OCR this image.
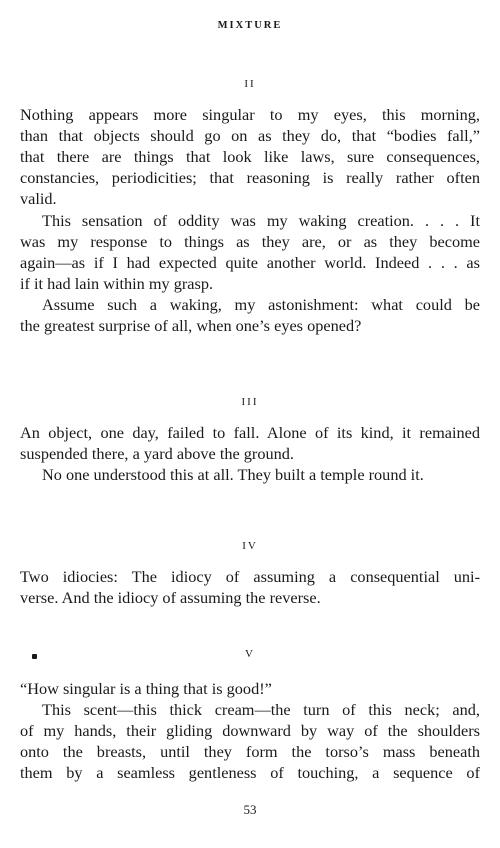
MIXTURE
II

Nothing appears more singular to my eyes, this morning,
than that objects should go on as they do, that “bodies fall,”
that there are things that look like laws, sure consequences,
constancies, periodicities; that reasoning is really rather often
valid.

This sensation of oddity was my waking creation. . . . It
was my response to things as they are, or as they become
again—as if I had expected quite another world. Indeed . . . as
if it had lain within my grasp.

Assume such a waking, my astonishment: what could be
the greatest surprise of all, when one’s eyes opened?

III

An object, one day, failed to fall. Alone of its kind, it remained
suspended there, a yard above the ground.

No one understood this at all. They built a temple round it.

IV

Two idiocies: The idiocy of assuming a consequential uni-
verse. And the idiocy of assuming the reverse.

V

“How singular is a thing that is good!”

This scent—this thick cream—the turn of this neck; and,
of my hands, their gliding downward by way of the shoulders
onto the breasts, until they form the torso’s mass beneath
them by a seamless gentleness of touching, a sequence of

53
